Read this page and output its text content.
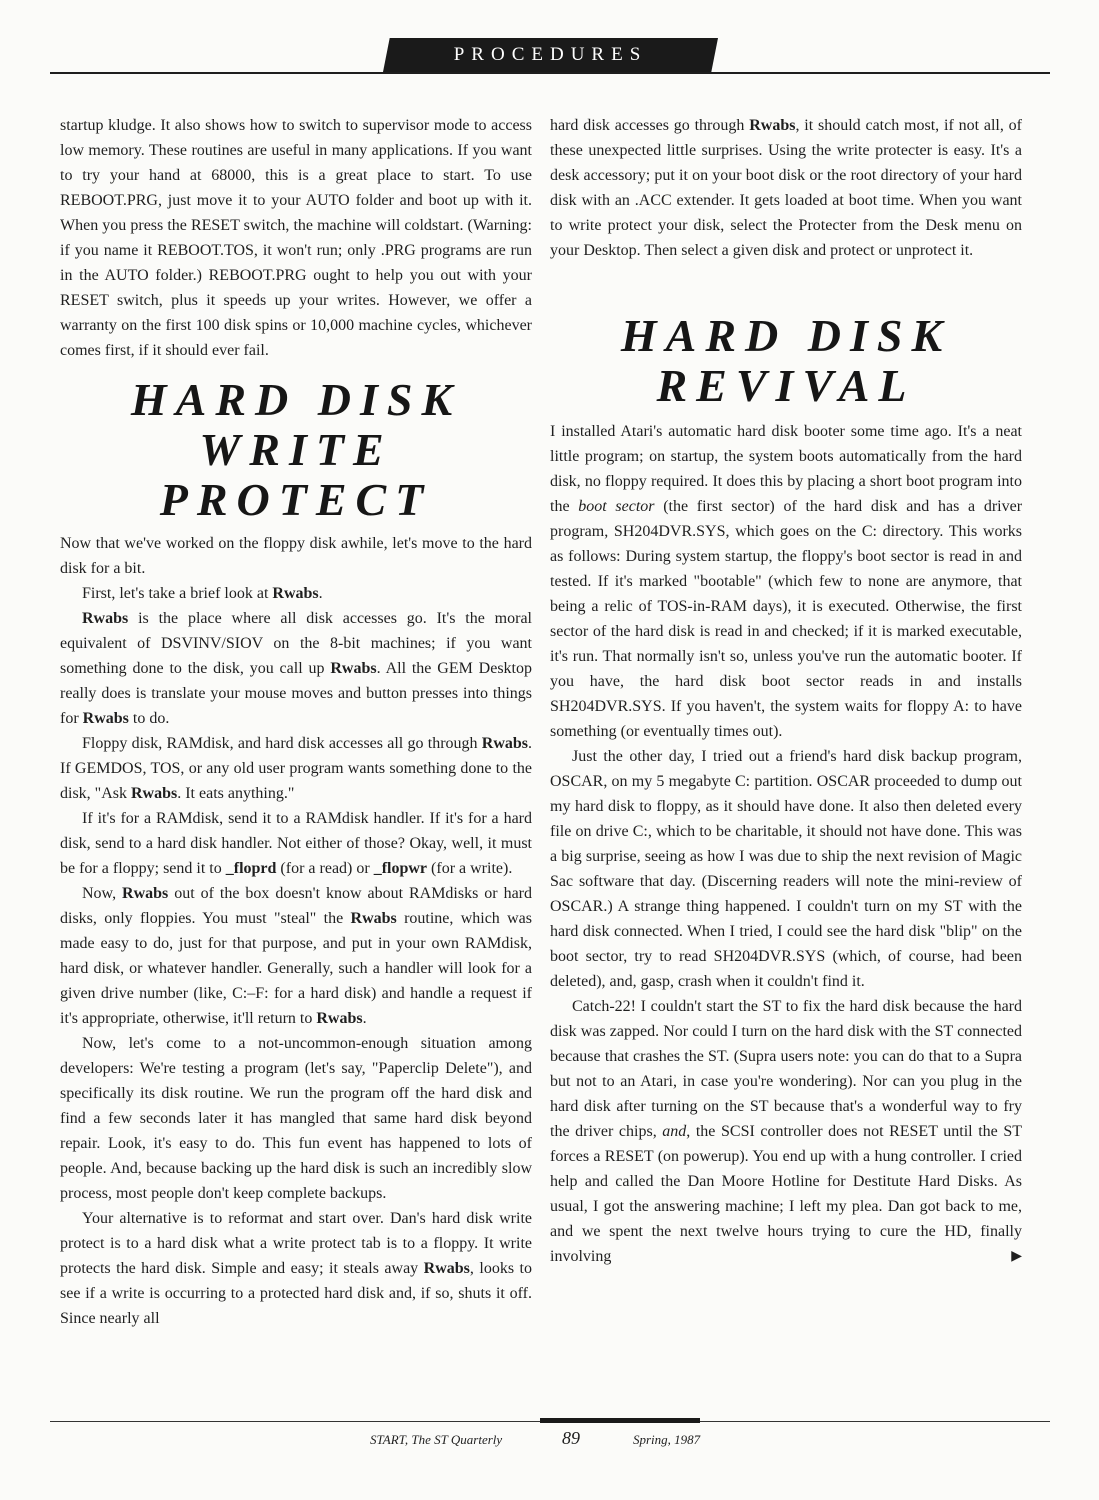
PROCEDURES

startup kludge. It also shows how to switch to supervisor mode to access low memory. These routines are useful in many applications. If you want to try your hand at 68000, this is a great place to start. To use REBOOT.PRG, just move it to your AUTO folder and boot up with it. When you press the RESET switch, the machine will coldstart. (Warning: if you name it REBOOT.TOS, it won't run; only .PRG programs are run in the AUTO folder.) REBOOT.PRG ought to help you out with your RESET switch, plus it speeds up your writes. However, we offer a warranty on the first 100 disk spins or 10,000 machine cycles, whichever comes first, if it should ever fail.

HARD DISK
WRITE PROTECT

Now that we've worked on the floppy disk awhile, let's move to the hard disk for a bit.

First, let's take a brief look at Rwabs.

Rwabs is the place where all disk accesses go. It's the moral equivalent of DSVINV/SIOV on the 8-bit machines; if you want something done to the disk, you call up Rwabs. All the GEM Desktop really does is translate your mouse moves and button presses into things for Rwabs to do.

Floppy disk, RAMdisk, and hard disk accesses all go through Rwabs. If GEMDOS, TOS, or any old user program wants something done to the disk, "Ask Rwabs. It eats anything."

If it's for a RAMdisk, send it to a RAMdisk handler. If it's for a hard disk, send to a hard disk handler. Not either of those? Okay, well, it must be for a floppy; send it to _floprd (for a read) or _flopwr (for a write).

Now, Rwabs out of the box doesn't know about RAMdisks or hard disks, only floppies. You must "steal" the Rwabs routine, which was made easy to do, just for that purpose, and put in your own RAMdisk, hard disk, or whatever handler. Generally, such a handler will look for a given drive number (like, C:–F: for a hard disk) and handle a request if it's appropriate, otherwise, it'll return to Rwabs.

Now, let's come to a not-uncommon-enough situation among developers: We're testing a program (let's say, "Paperclip Delete"), and specifically its disk routine. We run the program off the hard disk and find a few seconds later it has mangled that same hard disk beyond repair. Look, it's easy to do. This fun event has happened to lots of people. And, because backing up the hard disk is such an incredibly slow process, most people don't keep complete backups.

Your alternative is to reformat and start over. Dan's hard disk write protect is to a hard disk what a write protect tab is to a floppy. It write protects the hard disk. Simple and easy; it steals away Rwabs, looks to see if a write is occurring to a protected hard disk and, if so, shuts it off. Since nearly all

hard disk accesses go through Rwabs, it should catch most, if not all, of these unexpected little surprises. Using the write protecter is easy. It's a desk accessory; put it on your boot disk or the root directory of your hard disk with an .ACC extender. It gets loaded at boot time. When you want to write protect your disk, select the Protecter from the Desk menu on your Desktop. Then select a given disk and protect or unprotect it.

HARD DISK
REVIVAL

I installed Atari's automatic hard disk booter some time ago. It's a neat little program; on startup, the system boots automatically from the hard disk, no floppy required. It does this by placing a short boot program into the boot sector (the first sector) of the hard disk and has a driver program, SH204DVR.SYS, which goes on the C: directory. This works as follows: During system startup, the floppy's boot sector is read in and tested. If it's marked "bootable" (which few to none are anymore, that being a relic of TOS-in-RAM days), it is executed. Otherwise, the first sector of the hard disk is read in and checked; if it is marked executable, it's run. That normally isn't so, unless you've run the automatic booter. If you have, the hard disk boot sector reads in and installs SH204DVR.SYS. If you haven't, the system waits for floppy A: to have something (or eventually times out).

Just the other day, I tried out a friend's hard disk backup program, OSCAR, on my 5 megabyte C: partition. OSCAR proceeded to dump out my hard disk to floppy, as it should have done. It also then deleted every file on drive C:, which to be charitable, it should not have done. This was a big surprise, seeing as how I was due to ship the next revision of Magic Sac software that day. (Discerning readers will note the mini-review of OSCAR.) A strange thing happened. I couldn't turn on my ST with the hard disk connected. When I tried, I could see the hard disk "blip" on the boot sector, try to read SH204DVR.SYS (which, of course, had been deleted), and, gasp, crash when it couldn't find it.

Catch-22! I couldn't start the ST to fix the hard disk because the hard disk was zapped. Nor could I turn on the hard disk with the ST connected because that crashes the ST. (Supra users note: you can do that to a Supra but not to an Atari, in case you're wondering). Nor can you plug in the hard disk after turning on the ST because that's a wonderful way to fry the driver chips, and, the SCSI controller does not RESET until the ST forces a RESET (on powerup). You end up with a hung controller. I cried help and called the Dan Moore Hotline for Destitute Hard Disks. As usual, I got the answering machine; I left my plea. Dan got back to me, and we spent the next twelve hours trying to cure the HD, finally involving	▶

START, The ST Quarterly	89	Spring, 1987
